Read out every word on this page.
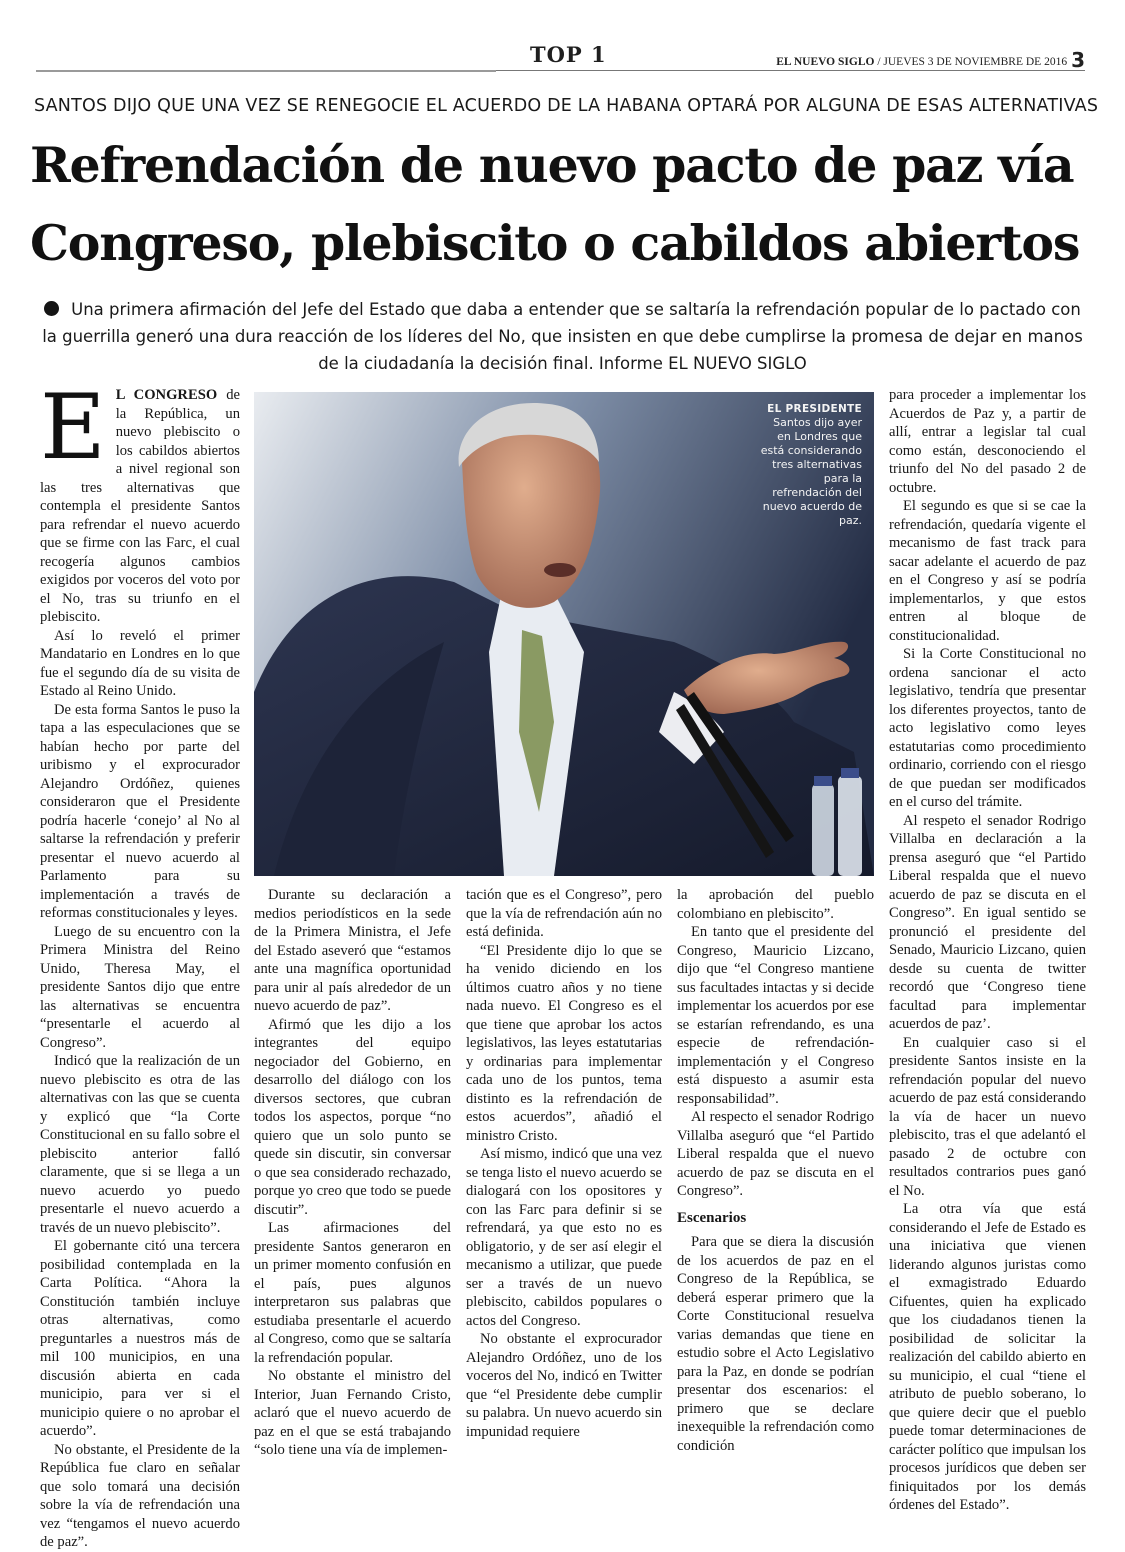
TOP 1	EL NUEVO SIGLO / JUEVES 3 DE NOVIEMBRE DE 2016 3
SANTOS DIJO QUE UNA VEZ SE RENEGOCIE EL ACUERDO DE LA HABANA OPTARÁ POR ALGUNA DE ESAS ALTERNATIVAS
Refrendación de nuevo pacto de paz vía
Congreso, plebiscito o cabildos abiertos
Una primera afirmación del Jefe del Estado que daba a entender que se saltaría la refrendación popular de lo pactado con la guerrilla generó una dura reacción de los líderes del No, que insisten en que debe cumplirse la promesa de dejar en manos de la ciudadanía la decisión final. Informe EL NUEVO SIGLO

E L CONGRESO de la República, un nuevo plebiscito o los cabildos abiertos a nivel regional son las tres alternativas que contempla el presidente Santos para refrendar el nuevo acuerdo que se firme con las Farc, el cual recogería algunos cambios exigidos por voceros del voto por el No, tras su triunfo en el plebiscito.

Así lo reveló el primer Mandatario en Londres en lo que fue el segundo día de su visita de Estado al Reino Unido.

De esta forma Santos le puso la tapa a las especulaciones que se habían hecho por parte del uribismo y el exprocurador Alejandro Ordóñez, quienes consideraron que el Presidente podría hacerle ‘conejo’ al No al saltarse la refrendación y preferir presentar el nuevo acuerdo al Parlamento para su implementación a través de reformas constitucionales y leyes.

Luego de su encuentro con la Primera Ministra del Reino Unido, Theresa May, el presidente Santos dijo que entre las alternativas se encuentra “presentarle el acuerdo al Congreso”.

Indicó que la realización de un nuevo plebiscito es otra de las alternativas con las que se cuenta y explicó que “la Corte Constitucional en su fallo sobre el plebiscito anterior falló claramente, que si se llega a un nuevo acuerdo yo puedo presentarle el nuevo acuerdo a través de un nuevo plebiscito”.

El gobernante citó una tercera posibilidad contemplada en la Carta Política. “Ahora la Constitución también incluye otras alternativas, como preguntarles a nuestros más de mil 100 municipios, en una discusión abierta en cada municipio, para ver si el municipio quiere o no aprobar el acuerdo”.

No obstante, el Presidente de la República fue claro en señalar que solo tomará una decisión sobre la vía de refrendación una vez “tengamos el nuevo acuerdo de paz”.

EL PRESIDENTE
Santos dijo ayer en Londres que está considerando tres alternativas para la refrendación del nuevo acuerdo de paz.

Durante su declaración a medios periodísticos en la sede de la Primera Ministra, el Jefe del Estado aseveró que “estamos ante una magnífica oportunidad para unir al país alrededor de un nuevo acuerdo de paz”.

Afirmó que les dijo a los integrantes del equipo negociador del Gobierno, en desarrollo del diálogo con los diversos sectores, que cubran todos los aspectos, porque “no quiero que un solo punto se quede sin discutir, sin conversar o que sea considerado rechazado, porque yo creo que todo se puede discutir”.

Las afirmaciones del presidente Santos generaron en un primer momento confusión en el país, pues algunos interpretaron sus palabras que estudiaba presentarle el acuerdo al Congreso, como que se saltaría la refrendación popular.

No obstante el ministro del Interior, Juan Fernando Cristo, aclaró que el nuevo acuerdo de paz en el que se está trabajando “solo tiene una vía de implemen-

tación que es el Congreso”, pero que la vía de refrendación aún no está definida.

“El Presidente dijo lo que se ha venido diciendo en los últimos cuatro años y no tiene nada nuevo. El Congreso es el que tiene que aprobar los actos legislativos, las leyes estatutarias y ordinarias para implementar cada uno de los puntos, tema distinto es la refrendación de estos acuerdos”, añadió el ministro Cristo.

Así mismo, indicó que una vez se tenga listo el nuevo acuerdo se dialogará con los opositores y con las Farc para definir si se refrendará, ya que esto no es obligatorio, y de ser así elegir el mecanismo a utilizar, que puede ser a través de un nuevo plebiscito, cabildos populares o actos del Congreso.

No obstante el exprocurador Alejandro Ordóñez, uno de los voceros del No, indicó en Twitter que “el Presidente debe cumplir su palabra. Un nuevo acuerdo sin impunidad requiere

la aprobación del pueblo colombiano en plebiscito”.

En tanto que el presidente del Congreso, Mauricio Lizcano, dijo que “el Congreso mantiene sus facultades intactas y si decide implementar los acuerdos por ese se estarían refrendando, es una especie de refrendación-implementación y el Congreso está dispuesto a asumir esta responsabilidad”.

Al respecto el senador Rodrigo Villalba aseguró que “el Partido Liberal respalda que el nuevo acuerdo de paz se discuta en el Congreso”.

Escenarios

Para que se diera la discusión de los acuerdos de paz en el Congreso de la República, se deberá esperar primero que la Corte Constitucional resuelva varias demandas que tiene en estudio sobre el Acto Legislativo para la Paz, en donde se podrían presentar dos escenarios: el primero que se declare inexequible la refrendación como condición

para proceder a implementar los Acuerdos de Paz y, a partir de allí, entrar a legislar tal cual como están, desconociendo el triunfo del No del pasado 2 de octubre.

El segundo es que si se cae la refrendación, quedaría vigente el mecanismo de fast track para sacar adelante el acuerdo de paz en el Congreso y así se podría implementarlos, y que estos entren al bloque de constitucionalidad.

Si la Corte Constitucional no ordena sancionar el acto legislativo, tendría que presentar los diferentes proyectos, tanto de acto legislativo como leyes estatutarias como procedimiento ordinario, corriendo con el riesgo de que puedan ser modificados en el curso del trámite.

Al respeto el senador Rodrigo Villalba en declaración a la prensa aseguró que “el Partido Liberal respalda que el nuevo acuerdo de paz se discuta en el Congreso”. En igual sentido se pronunció el presidente del Senado, Mauricio Lizcano, quien desde su cuenta de twitter recordó que ‘Congreso tiene facultad para implementar acuerdos de paz’.

En cualquier caso si el presidente Santos insiste en la refrendación popular del nuevo acuerdo de paz está considerando la vía de hacer un nuevo plebiscito, tras el que adelantó el pasado 2 de octubre con resultados contrarios pues ganó el No.

La otra vía que está considerando el Jefe de Estado es una iniciativa que vienen liderando algunos juristas como el exmagistrado Eduardo Cifuentes, quien ha explicado que los ciudadanos tienen la posibilidad de solicitar la realización del cabildo abierto en su municipio, el cual “tiene el atributo de pueblo soberano, lo que quiere decir que el pueblo puede tomar determinaciones de carácter político que impulsan los procesos jurídicos que deben ser finiquitados por los demás órdenes del Estado”.
